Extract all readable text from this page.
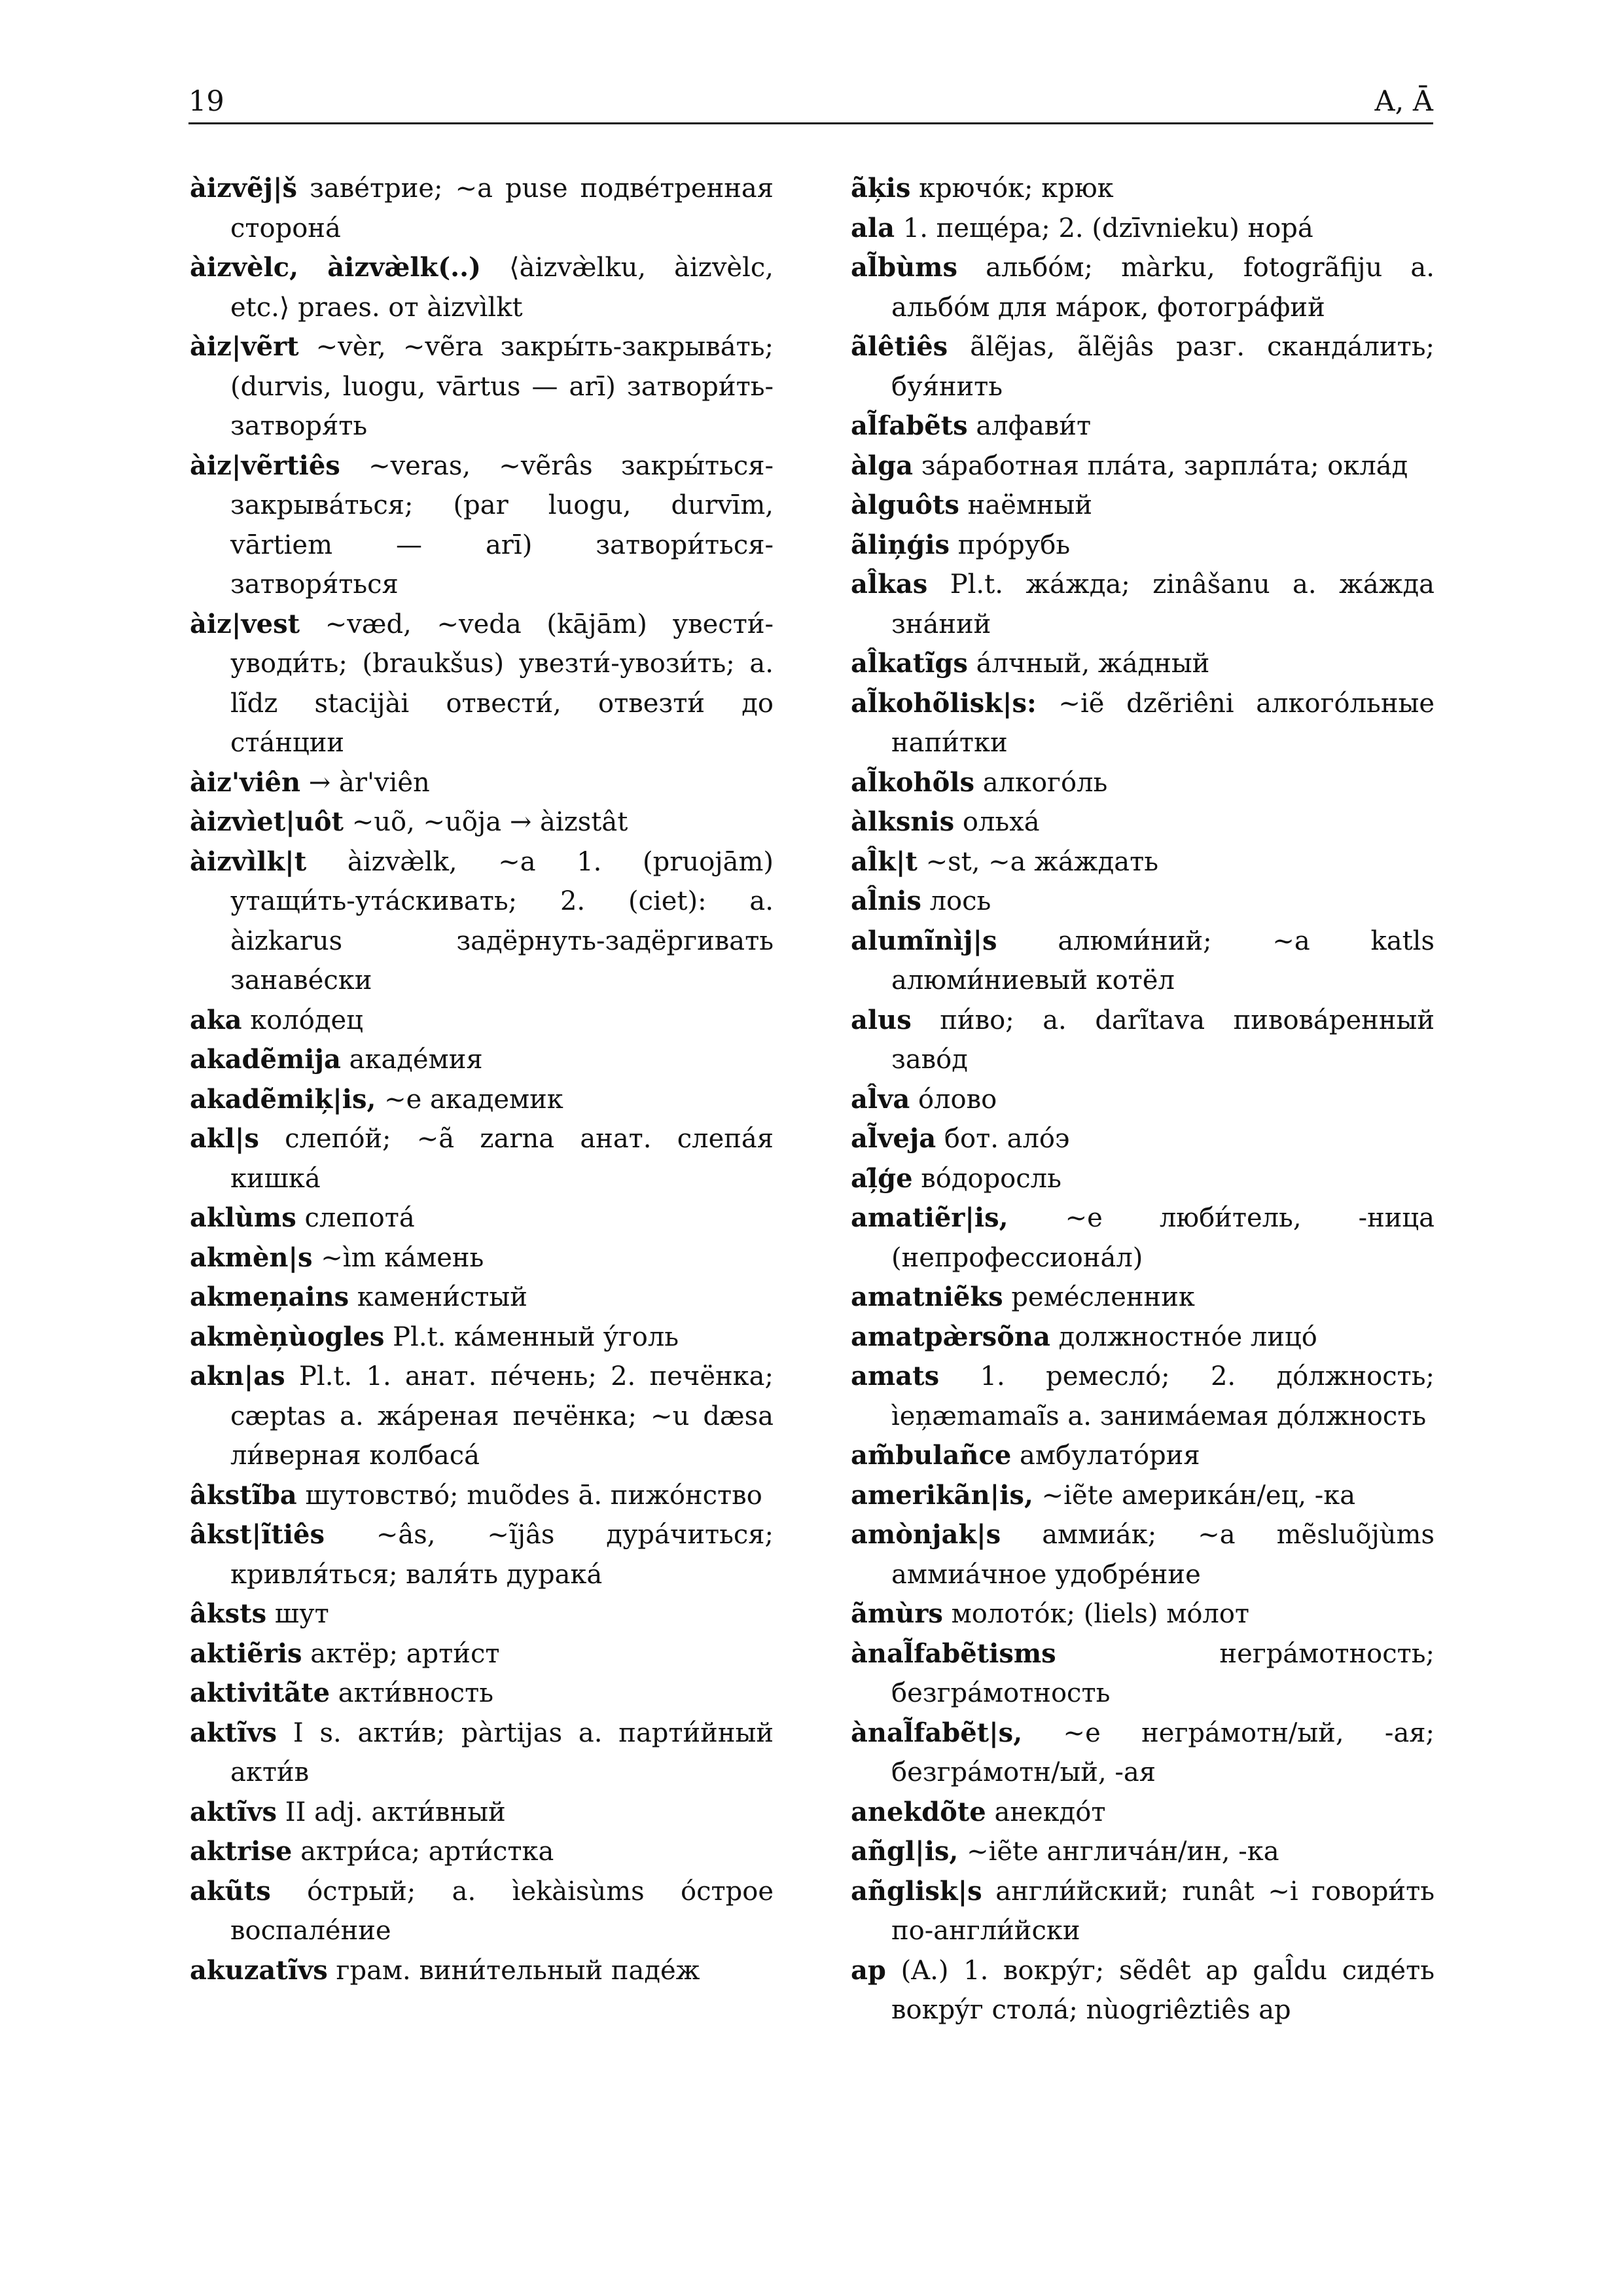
19	A, Ā

àizvẽj|š завéтрие; ~a puse подвéтренная сторонá

àizvèlc, àizvæ̀lk(..) ⟨àizvæ̀lku, àizvèlc, etc.⟩ praes. от àizvìlkt

àiz|vẽrt ~vèr, ~vẽra закры́ть-закрывáть; (durvis, luogu, vārtus — arī) затвори́ть-затворя́ть

àiz|vẽrtiês ~veras, ~vẽrâs закры́ться-закрывáться; (par luogu, durvīm, vārtiem — arī) затвори́ться-затворя́ться

àiz|vest ~væd, ~veda (kājām) увести́-уводи́ть; (braukšus) увезти́-увози́ть; a. lĩdz stacijài отвести́, отвезти́ до стáнции

àiz'viên → àr'viên

àizvìet|uôt ~uõ, ~uõja → àizstât

àizvìlk|t àizvæ̀lk, ~a 1. (pruojām) утащи́ть-утáскивать; 2. (ciet): a. àizkarus задёрнуть-задёргивать занавéски

aka колóдец

akadẽmija акадéмия

akadẽmiķ|is, ~e академик

akl|s слепóй; ~ã zarna анат. слепáя кишкá

aklùms слепотá

akmèn|s ~ìm кáмень

akmeņains камени́стый

akmèņùogles Pl.t. кáменный ýголь

akn|as Pl.t. 1. анат. пéчень; 2. печёнка; cæptas a. жáреная печёнка; ~u dæsa ли́верная колбасá

âkstĩba шутовствó; muõdes ā. пижóнство

âkst|ĩtiês ~âs, ~ĩjâs дурáчиться; кривля́ться; валя́ть дуракá

âksts шут

aktiẽris актёр; арти́ст

aktivitãte акти́вность

aktĩvs I s. акти́в; pàrtijas a. парти́йный акти́в

aktĩvs II adj. акти́вный

aktrise актри́са; арти́стка

akũts óстрый; a. ìekàisùms óстрое воспалéние

akuzatĩvs грам. вини́тельный падéж

ãķis крючóк; крюк

ala 1. пещéра; 2. (dzīvnieku) норá

al̃bùms альбóм; màrku, fotogrãfiju a. альбóм для мáрок, фотогрáфий

ãlêtiês ãlẽjas, ãlẽjâs разг. скандáлить; буя́нить

al̃fabẽts алфави́т

àlga зáработная плáта, зарплáта; оклáд

àlguôts наёмный

ãliņģis прóрубь

al̂kas Pl.t. жáжда; zinâšanu a. жáжда знáний

al̂katĩgs áлчный, жáдный

al̃kohõlisk|s: ~iẽ dzẽriêni алкогóльные напи́тки

al̃kohõls алкогóль

àlksnis ольхá

al̂k|t ~st, ~a жáждать

al̂nis лось

alumĩnìj|s алюми́ний; ~a katls алюми́ниевый котёл

alus пи́во; a. darĩtava пивовáренный завóд

al̂va óлово

al̃veja бот. алóэ

aļ̃ģe вóдоросль

amatiẽr|is, ~e люби́тель, -ница (непрофессионáл)

amatniẽks ремéсленник

amatpæ̀rsõna должностнóе лицó

amats 1. ремеслó; 2. дóлжность; ìeņæmamaĩs a. занимáемая дóлжность

am̃bulañce амбулатóрия

amerikãn|is, ~iẽte америкáн/ец, -ка

amònjak|s аммиáк; ~a mẽsluõjùms аммиáчное удобрéние

ãmùrs молотóк; (liels) мóлот

ànal̃fabẽtisms	негрáмотность; безгрáмотность

ànal̃fabẽt|s, ~e негрáмотн/ый, -ая; безгрáмотн/ый, -ая

anekdõte анекдóт

añgl|is, ~iẽte англичáн/ин, -ка

añglisk|s англи́йский; runât ~i говори́ть по-англи́йски

ap (A.) 1. вокрýг; sẽdêt ap gal̂du сидéть вокрýг столá; nùogriêztiês ap
